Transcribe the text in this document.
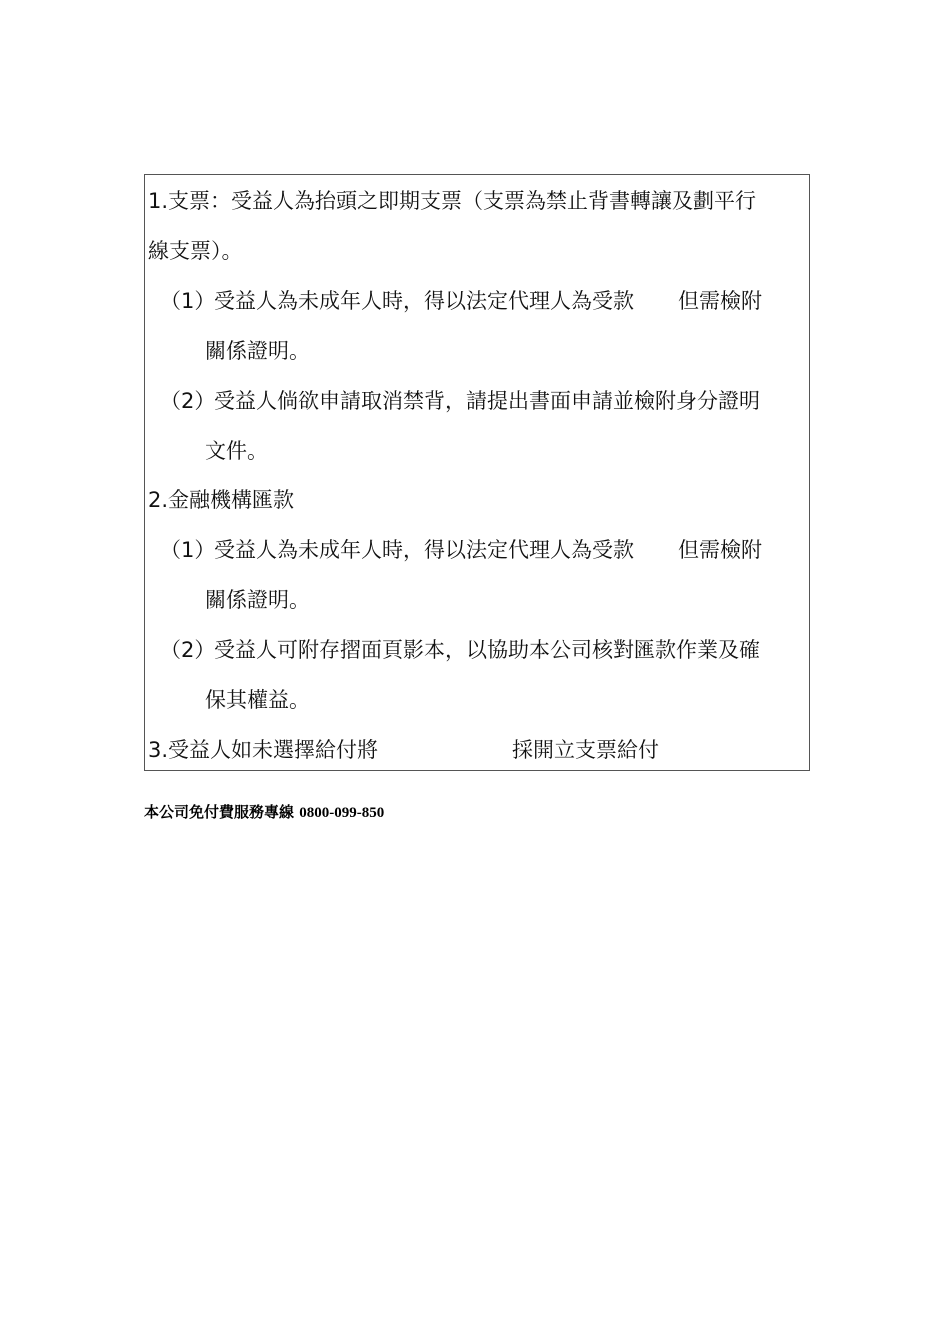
1.支票：受益人為抬頭之即期支票（支票為禁止背書轉讓及劃平行
線支票）。
（1）受益人為未成年人時，得以法定代理人為受款 但需檢附
關係證明。
（2）受益人倘欲申請取消禁背，請提出書面申請並檢附身分證明
文件。
2.金融機構匯款
（1）受益人為未成年人時，得以法定代理人為受款 但需檢附
關係證明。
（2）受益人可附存摺面頁影本，以協助本公司核對匯款作業及確
保其權益。
3.受益人如未選擇給付將	採開立支票給付
本公司免付費服務專線 0800-099-850
